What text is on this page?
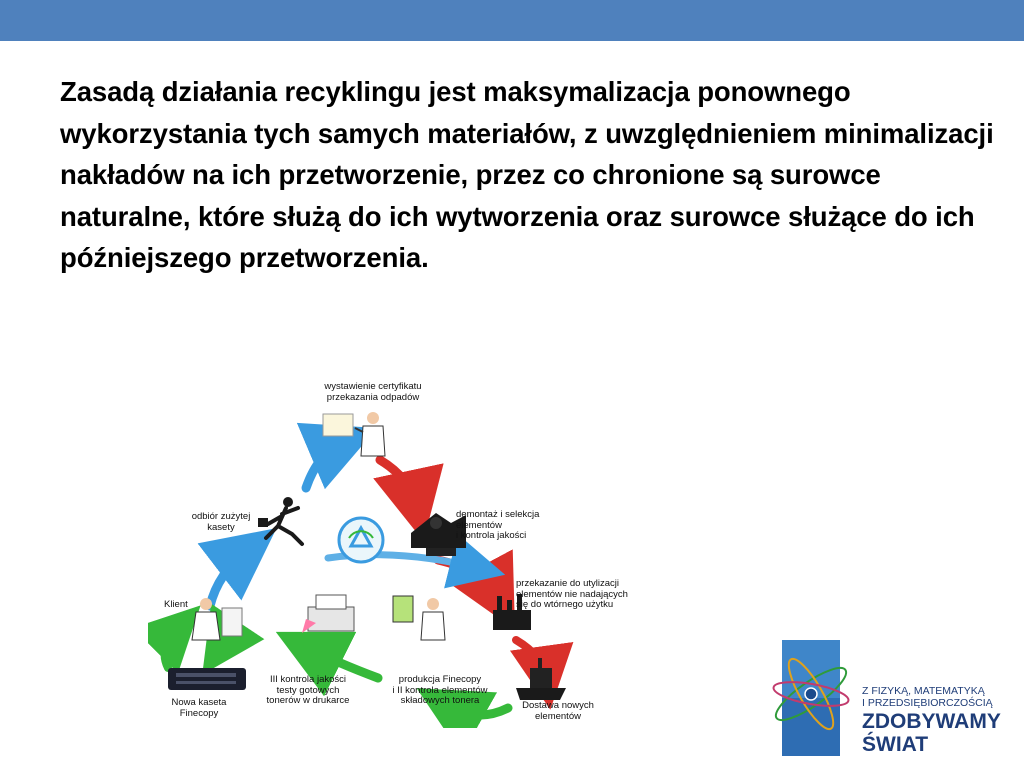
Zasadą działania recyklingu jest maksymalizacja ponownego wykorzystania tych samych materiałów, z uwzględnieniem minimalizacji nakładów na ich przetworzenie, przez co chronione są surowce naturalne, które służą do ich wytworzenia oraz surowce służące do ich późniejszego przetworzenia.
wystawienie certyfikatu
przekazania odpadów
demontaż i selekcja
elementów
i kontrola jakości
przekazanie do utylizacji
elementów nie nadających
się do wtórnego użytku
Dostawa nowych
elementów
produkcja Finecopy
i II kontrola elementów
składowych tonera
III kontrola jakości
testy gotowych
tonerów w drukarce
Nowa kaseta
Finecopy
Klient
odbiór zużytej
kasety
Z FIZYKĄ, MATEMATYKĄ
I PRZEDSIĘBIORCZOŚCIĄ
ZDOBYWAMY
ŚWIAT
